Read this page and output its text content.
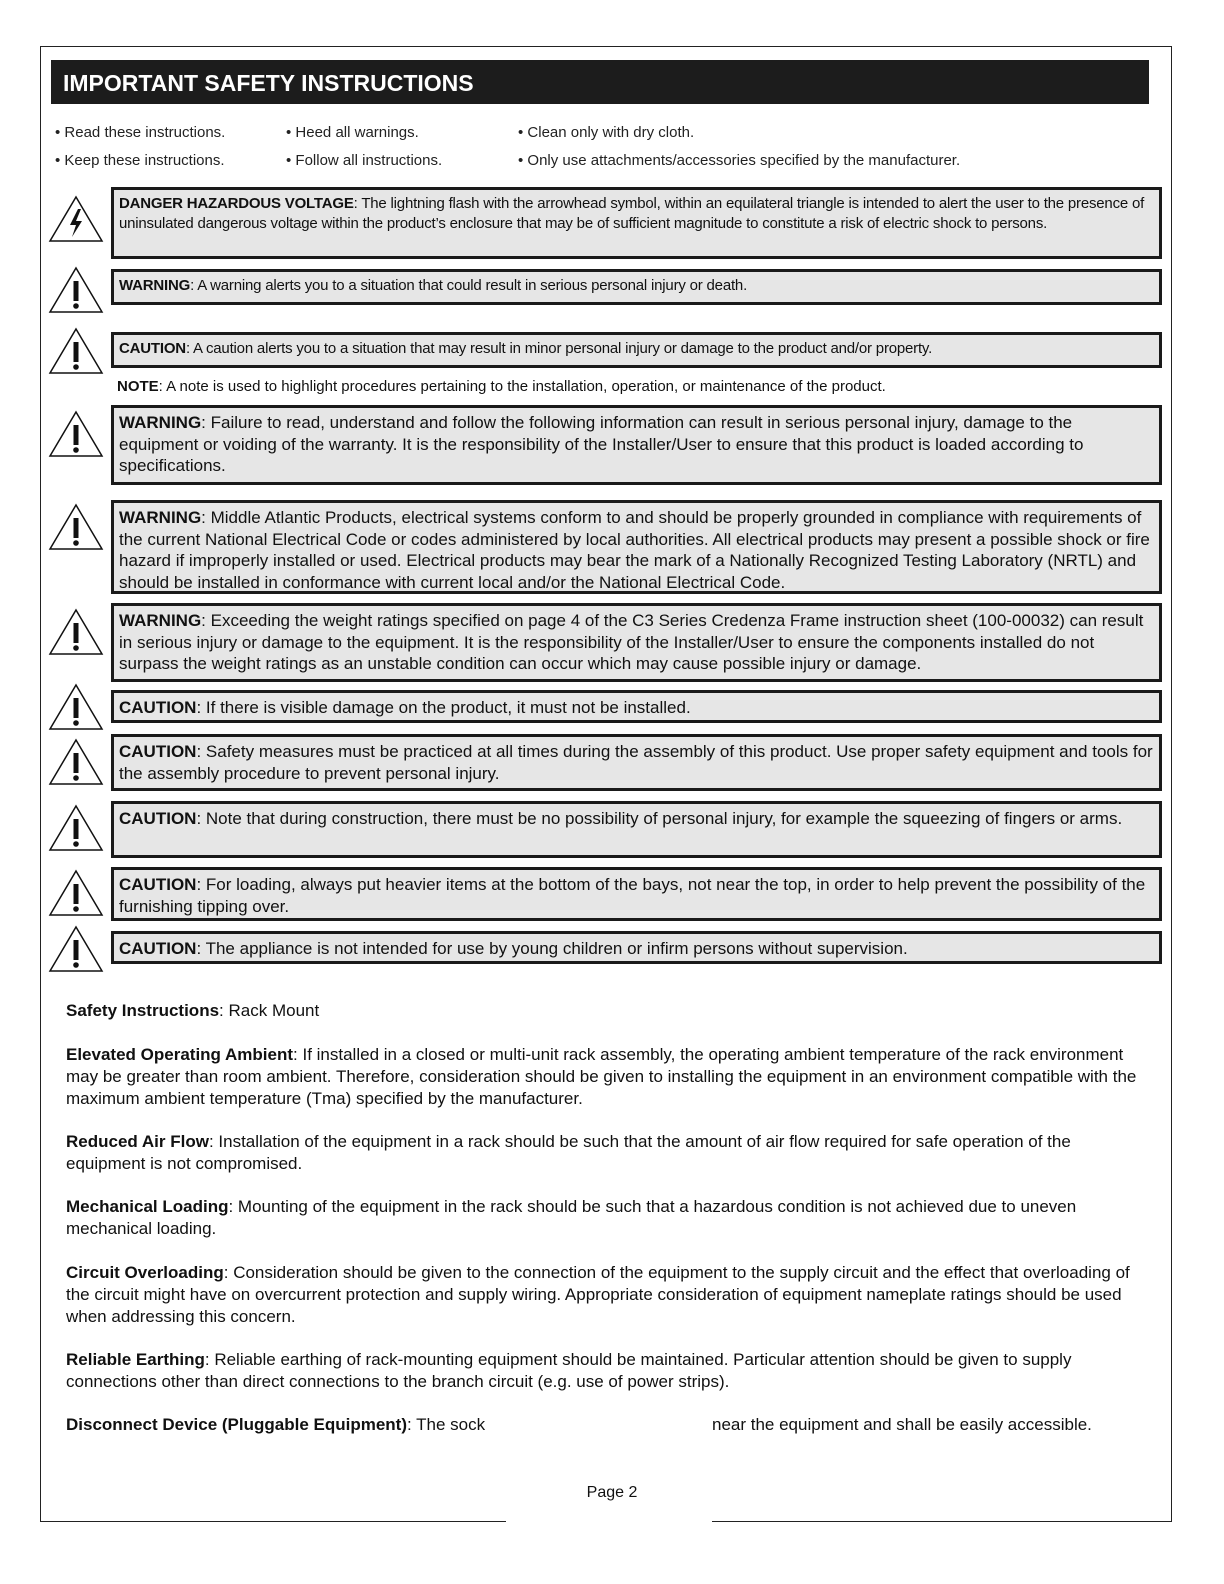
IMPORTANT SAFETY INSTRUCTIONS
• Read these instructions.	• Heed all warnings.	• Clean only with dry cloth.
• Keep these instructions.	• Follow all instructions.	• Only use attachments/accessories specified by the manufacturer.

DANGER HAZARDOUS VOLTAGE: The lightning flash with the arrowhead symbol, within an equilateral triangle is intended to alert the user to the presence of uninsulated dangerous voltage within the product’s enclosure that may be of sufficient magnitude to constitute a risk of electric shock to persons.

WARNING: A warning alerts you to a situation that could result in serious personal injury or death.

CAUTION: A caution alerts you to a situation that may result in minor personal injury or damage to the product and/or property.

NOTE: A note is used to highlight procedures pertaining to the installation, operation, or maintenance of the product.

WARNING: Failure to read, understand and follow the following information can result in serious personal injury, damage to the equipment or voiding of the warranty. It is the responsibility of the Installer/User to ensure that this product is loaded according to specifications.

WARNING: Middle Atlantic Products, electrical systems conform to and should be properly grounded in compliance with requirements of the current National Electrical Code or codes administered by local authorities. All electrical products may present a possible shock or fire hazard if improperly installed or used. Electrical products may bear the mark of a Nationally Recognized Testing Laboratory (NRTL) and should be installed in conformance with current local and/or the National Electrical Code.

WARNING: Exceeding the weight ratings specified on page 4 of the C3 Series Credenza Frame instruction sheet (100-00032) can result in serious injury or damage to the equipment. It is the responsibility of the Installer/User to ensure the components installed do not surpass the weight ratings as an unstable condition can occur which may cause possible injury or damage.

CAUTION: If there is visible damage on the product, it must not be installed.

CAUTION: Safety measures must be practiced at all times during the assembly of this product. Use proper safety equipment and tools for the assembly procedure to prevent personal injury.

CAUTION: Note that during construction, there must be no possibility of personal injury, for example the squeezing of fingers or arms.

CAUTION: For loading, always put heavier items at the bottom of the bays, not near the top, in order to help prevent the possibility of the furnishing tipping over.

CAUTION: The appliance is not intended for use by young children or infirm persons without supervision.

Safety Instructions: Rack Mount

Elevated Operating Ambient: If installed in a closed or multi-unit rack assembly, the operating ambient temperature of the rack environment may be greater than room ambient. Therefore, consideration should be given to installing the equipment in an environment compatible with the maximum ambient temperature (Tma) specified by the manufacturer.

Reduced Air Flow: Installation of the equipment in a rack should be such that the amount of air flow required for safe operation of the equipment is not compromised.

Mechanical Loading: Mounting of the equipment in the rack should be such that a hazardous condition is not achieved due to uneven mechanical loading.

Circuit Overloading: Consideration should be given to the connection of the equipment to the supply circuit and the effect that overloading of the circuit might have on overcurrent protection and supply wiring. Appropriate consideration of equipment nameplate ratings should be used when addressing this concern.

Reliable Earthing: Reliable earthing of rack-mounting equipment should be maintained. Particular attention should be given to supply connections other than direct connections to the branch circuit (e.g. use of power strips).

Disconnect Device (Pluggable Equipment): The sock	near the equipment and shall be easily accessible.

Page 2
